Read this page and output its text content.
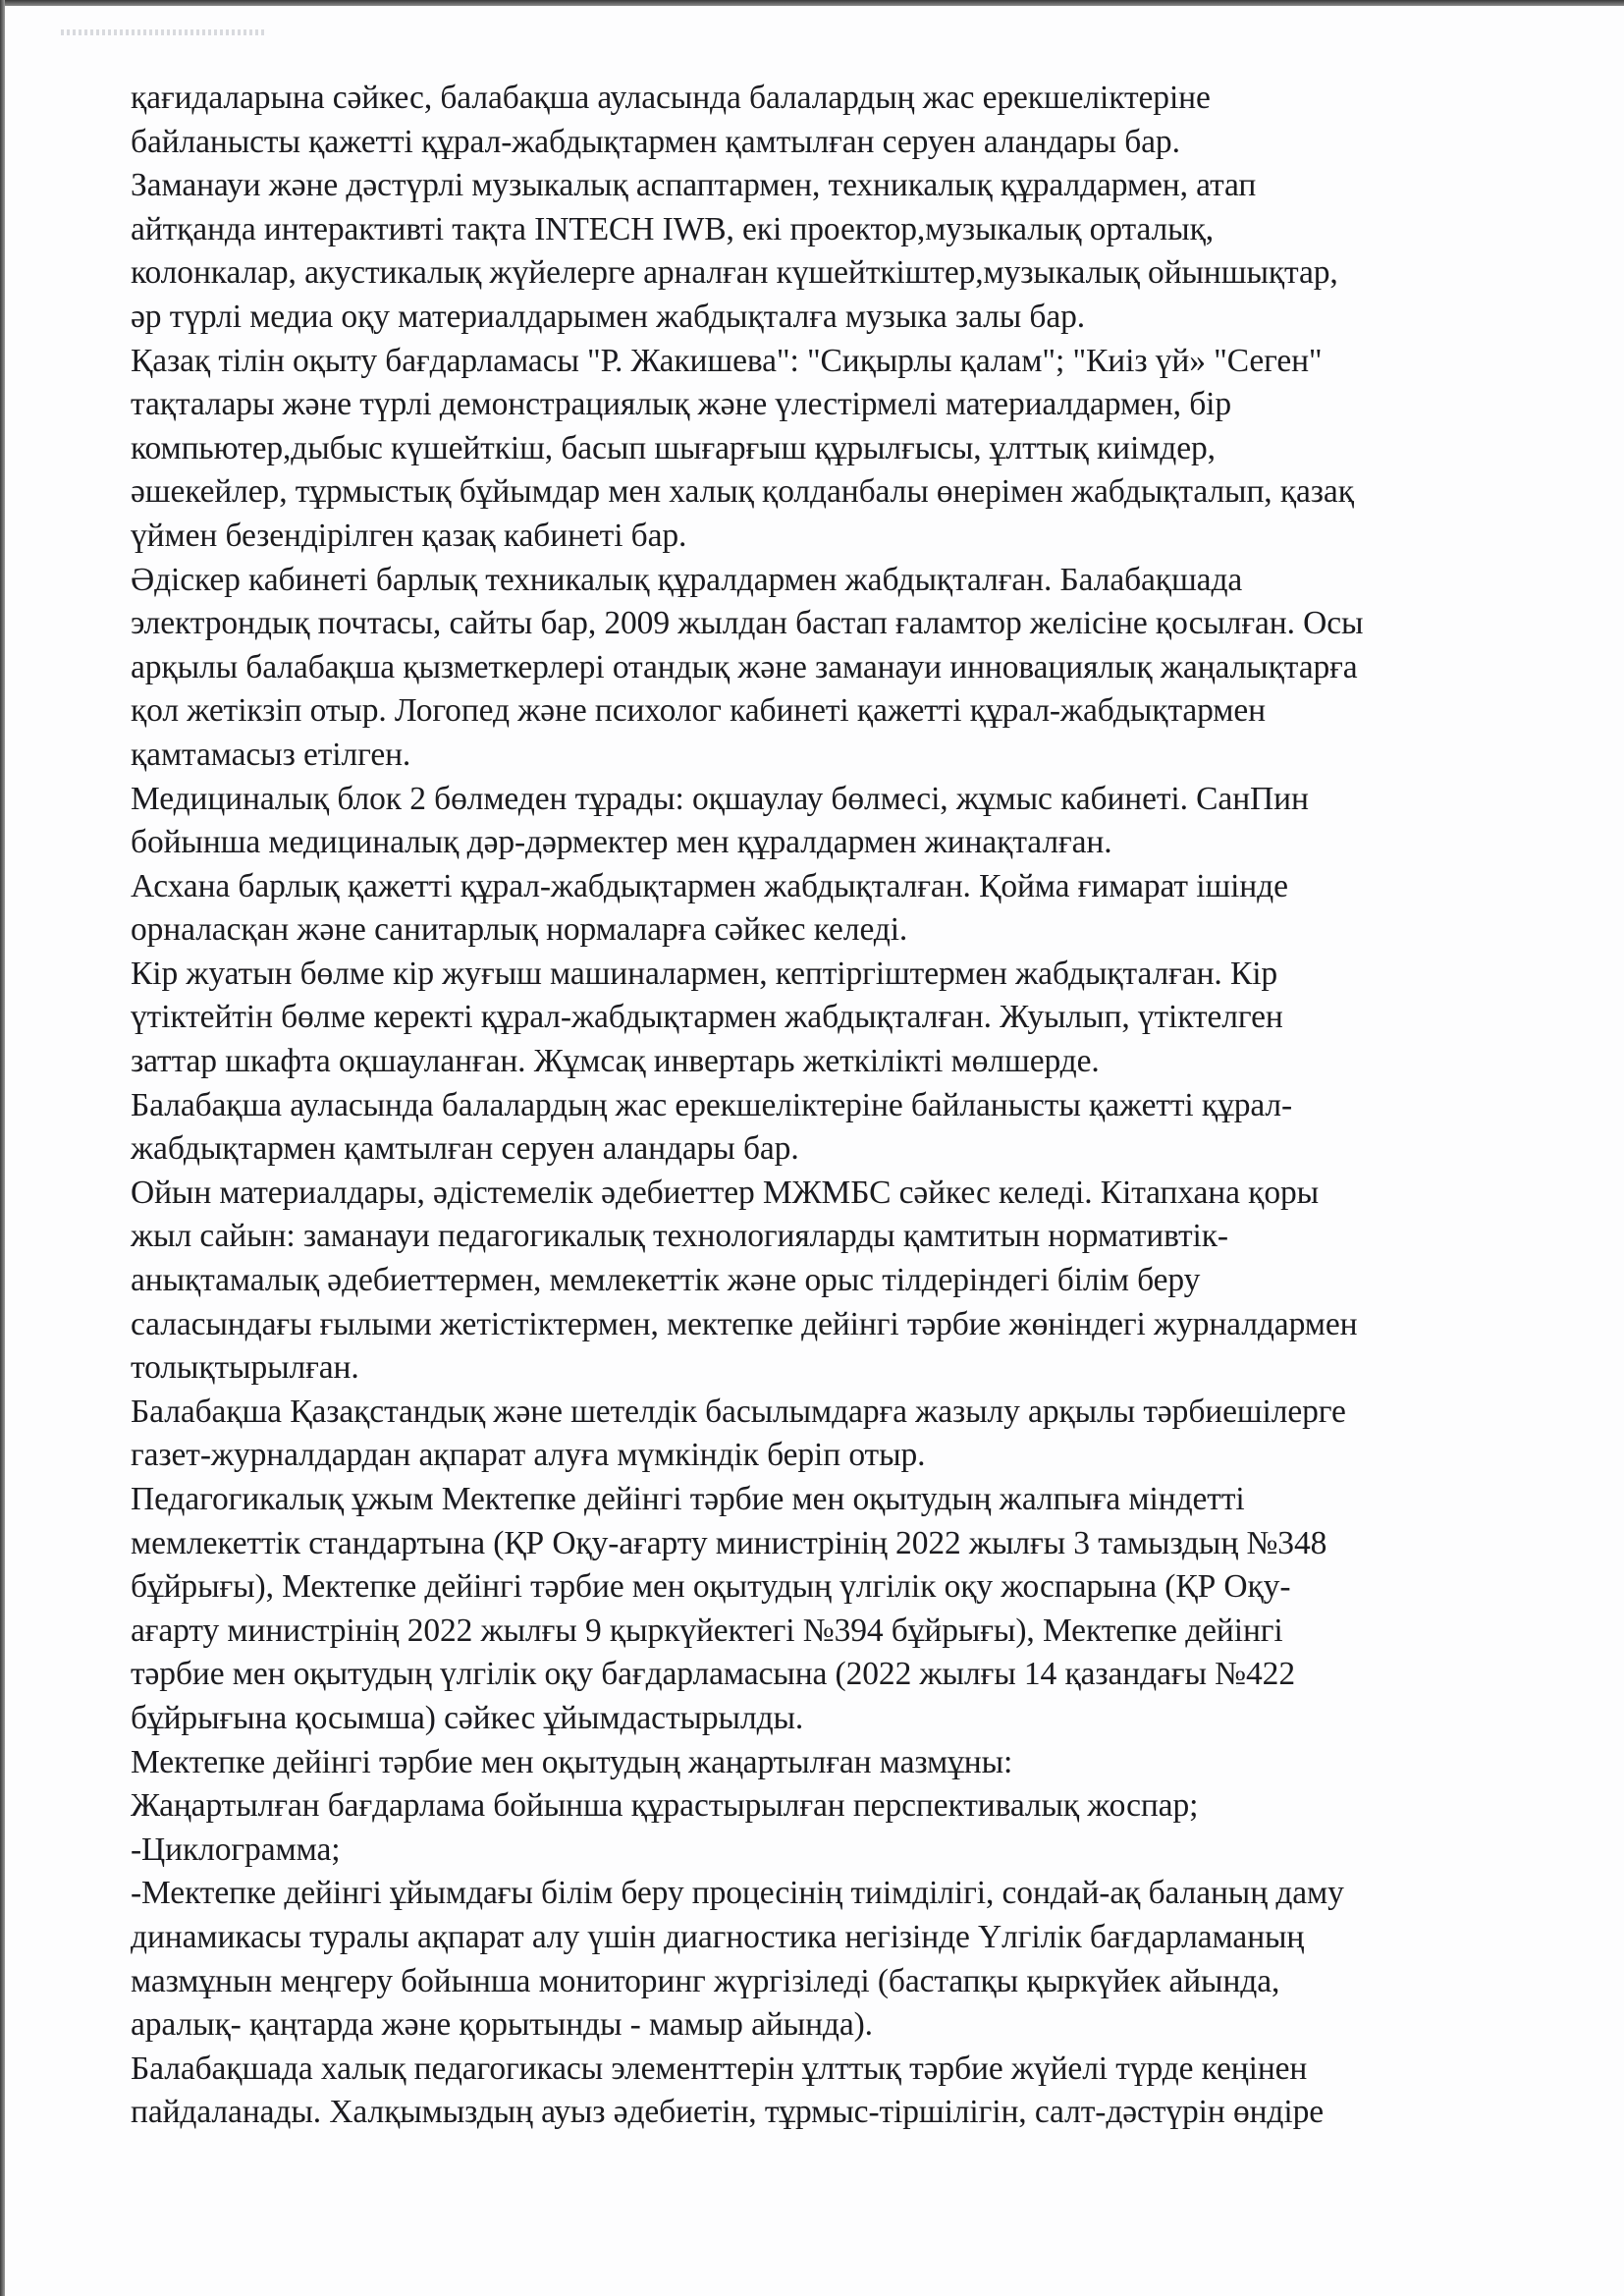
қағидаларына сәйкес, балабақша ауласында балалардың жас ерекшеліктеріне
байланысты қажетті құрал-жабдықтармен қамтылған серуен аландары бар.
Заманауи және дәстүрлі музыкалық аспаптармен, техникалық құралдармен, атап
айтқанда интерактивті тақта INTECH IWB, екі проектор,музыкалық орталық,
колонкалар, акустикалық жүйелерге арналған күшейткіштер,музыкалық ойыншықтар,
әр түрлі медиа оқу материалдарымен жабдықталға музыка залы бар.
Қазақ тілін оқыту бағдарламасы "Р. Жакишева": "Сиқырлы қалам"; "Киіз үй» "Сеген"
тақталары және түрлі демонстрациялық және үлестірмелі материалдармен, бір
компьютер,дыбыс күшейткіш, басып шығарғыш құрылғысы, ұлттық киімдер,
әшекейлер, тұрмыстық бұйымдар мен халық қолданбалы өнерімен жабдықталып, қазақ
үймен безендірілген қазақ кабинеті бар.
Әдіскер кабинеті барлық техникалық құралдармен жабдықталған. Балабақшада
электрондық почтасы, сайты бар, 2009 жылдан бастап ғаламтор желісіне қосылған. Осы
арқылы балабақша қызметкерлері отандық және заманауи инновациялық жаңалықтарға
қол жетікзіп отыр. Логопед және психолог кабинеті қажетті құрал-жабдықтармен
қамтамасыз етілген.
Медициналық блок 2 бөлмеден тұрады: оқшаулау бөлмесі, жұмыс кабинеті. СанПин
бойынша медициналық дәр-дәрмектер мен құралдармен жинақталған.
Асхана барлық қажетті құрал-жабдықтармен жабдықталған. Қойма ғимарат ішінде
орналасқан және санитарлық нормаларға сәйкес келеді.
Кір жуатын бөлме кір жуғыш машиналармен, кептіргіштермен жабдықталған. Кір
үтіктейтін бөлме керекті құрал-жабдықтармен жабдықталған. Жуылып, үтіктелген
заттар шкафта оқшауланған. Жұмсақ инвертарь жеткілікті мөлшерде.
Балабақша ауласында балалардың жас ерекшеліктеріне байланысты қажетті құрал-
жабдықтармен қамтылған серуен аландары бар.
Ойын материалдары, әдістемелік әдебиеттер МЖМБС сәйкес келеді. Кітапхана қоры
жыл сайын: заманауи педагогикалық технологияларды қамтитын нормативтік-
анықтамалық әдебиеттермен, мемлекеттік және орыс тілдеріндегі білім беру
саласындағы ғылыми жетістіктермен, мектепке дейінгі тәрбие жөніндегі журналдармен
толықтырылған.
Балабақша Қазақстандық және шетелдік басылымдарға жазылу арқылы тәрбиешілерге
газет-журналдардан ақпарат алуға мүмкіндік беріп отыр.
Педагогикалық ұжым Мектепке дейінгі тәрбие мен оқытудың жалпыға міндетті
мемлекеттік стандартына (ҚР Оқу-ағарту министрінің 2022 жылғы 3 тамыздың №348
бұйрығы), Мектепке дейінгі тәрбие мен оқытудың үлгілік оқу жоспарына (ҚР Оқу-
ағарту министрінің 2022 жылғы 9 қыркүйектегі №394 бұйрығы), Мектепке дейінгі
тәрбие мен оқытудың үлгілік оқу бағдарламасына (2022 жылғы 14 қазандағы №422
бұйрығына қосымша) сәйкес ұйымдастырылды.
Мектепке дейінгі тәрбие мен оқытудың жаңартылған мазмұны:
Жаңартылған бағдарлама бойынша құрастырылған перспективалық жоспар;
-Циклограмма;
-Мектепке дейінгі ұйымдағы білім беру процесінің тиімділігі, сондай-ақ баланың даму
динамикасы туралы ақпарат алу үшін диагностика негізінде Үлгілік бағдарламаның
мазмұнын меңгеру бойынша мониторинг жүргізіледі (бастапқы қыркүйек айында,
аралық- қаңтарда және қорытынды - мамыр айында).
Балабақшада халық педагогикасы элементтерін ұлттық тәрбие жүйелі түрде кеңінен
пайдаланады. Халқымыздың ауыз әдебиетін, тұрмыс-тіршілігін, салт-дәстүрін өндіре
